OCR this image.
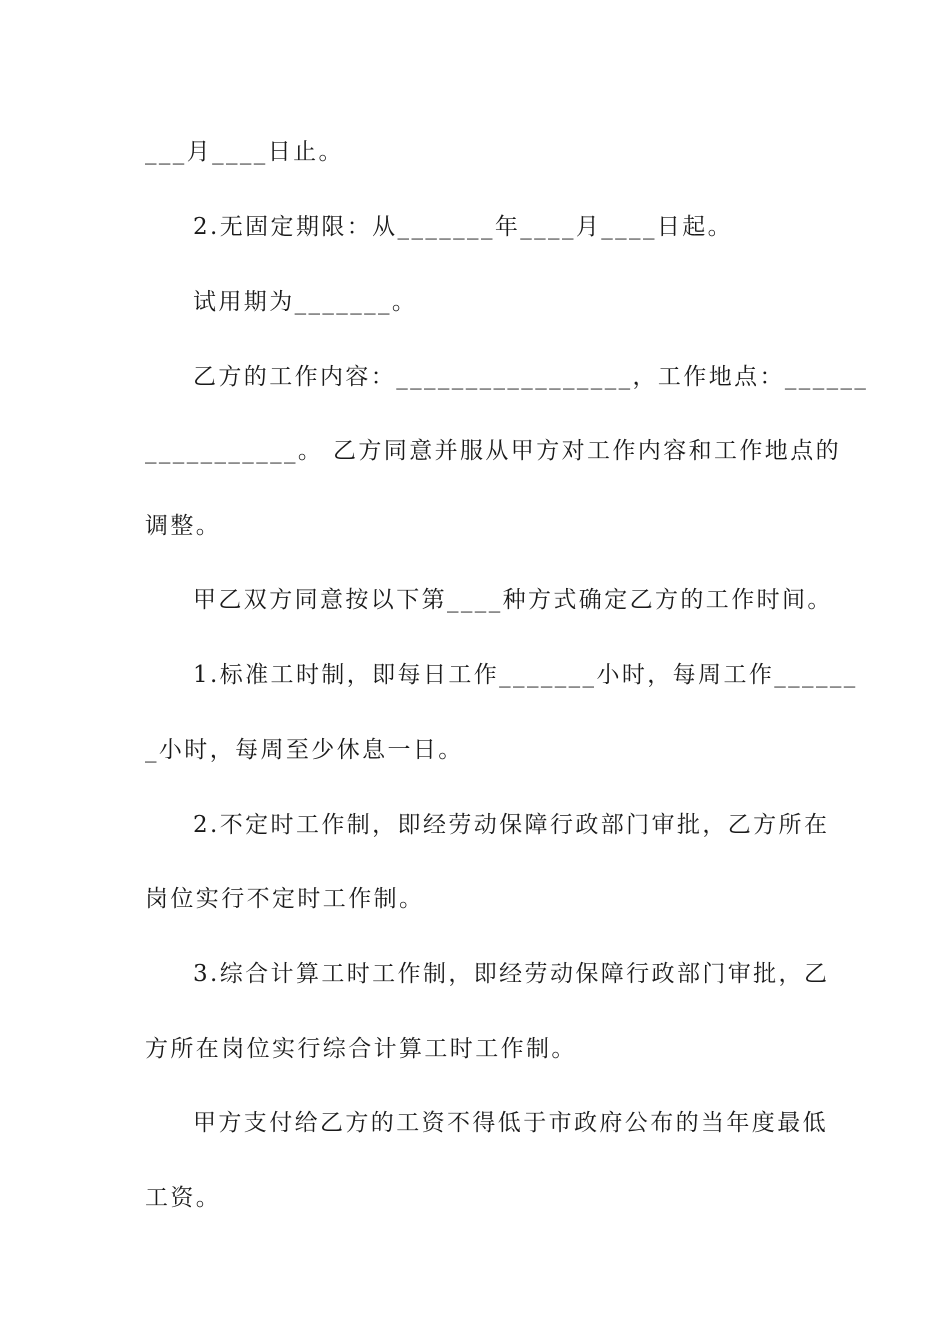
___月____日止。
2.无固定期限：从_______年____月____日起。
试用期为_______。
乙方的工作内容：_________________，工作地点：______
___________。 乙方同意并服从甲方对工作内容和工作地点的
调整。
甲乙双方同意按以下第____种方式确定乙方的工作时间。
1.标准工时制，即每日工作_______小时，每周工作______
_小时，每周至少休息一日。
2.不定时工作制，即经劳动保障行政部门审批，乙方所在
岗位实行不定时工作制。
3.综合计算工时工作制，即经劳动保障行政部门审批，乙
方所在岗位实行综合计算工时工作制。
甲方支付给乙方的工资不得低于市政府公布的当年度最低
工资。
